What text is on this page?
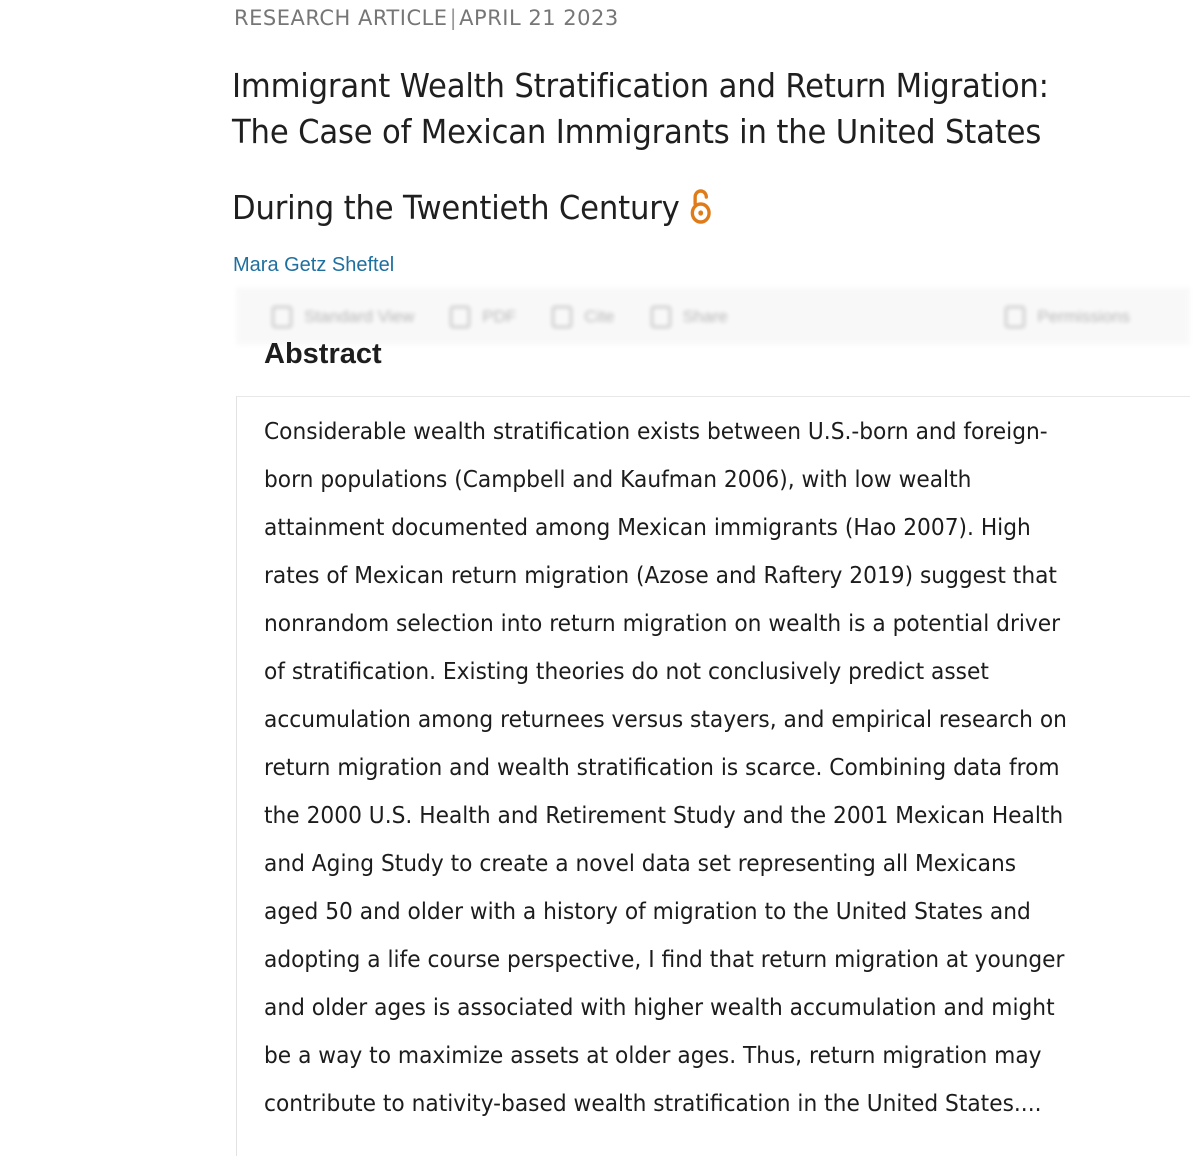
RESEARCH ARTICLE|APRIL 21 2023
Immigrant Wealth Stratification and Return Migration:
The Case of Mexican Immigrants in the United States
During the Twentieth Century
Mara Getz Sheftel
Standard View	PDF	Cite	Share	Permissions
Abstract
Considerable wealth stratification exists between U.S.-born and foreign-
born populations (Campbell and Kaufman 2006), with low wealth
attainment documented among Mexican immigrants (Hao 2007). High
rates of Mexican return migration (Azose and Raftery 2019) suggest that
nonrandom selection into return migration on wealth is a potential driver
of stratification. Existing theories do not conclusively predict asset
accumulation among returnees versus stayers, and empirical research on
return migration and wealth stratification is scarce. Combining data from
the 2000 U.S. Health and Retirement Study and the 2001 Mexican Health
and Aging Study to create a novel data set representing all Mexicans
aged 50 and older with a history of migration to the United States and
adopting a life course perspective, I find that return migration at younger
and older ages is associated with higher wealth accumulation and might
be a way to maximize assets at older ages. Thus, return migration may
contribute to nativity-based wealth stratification in the United States....
